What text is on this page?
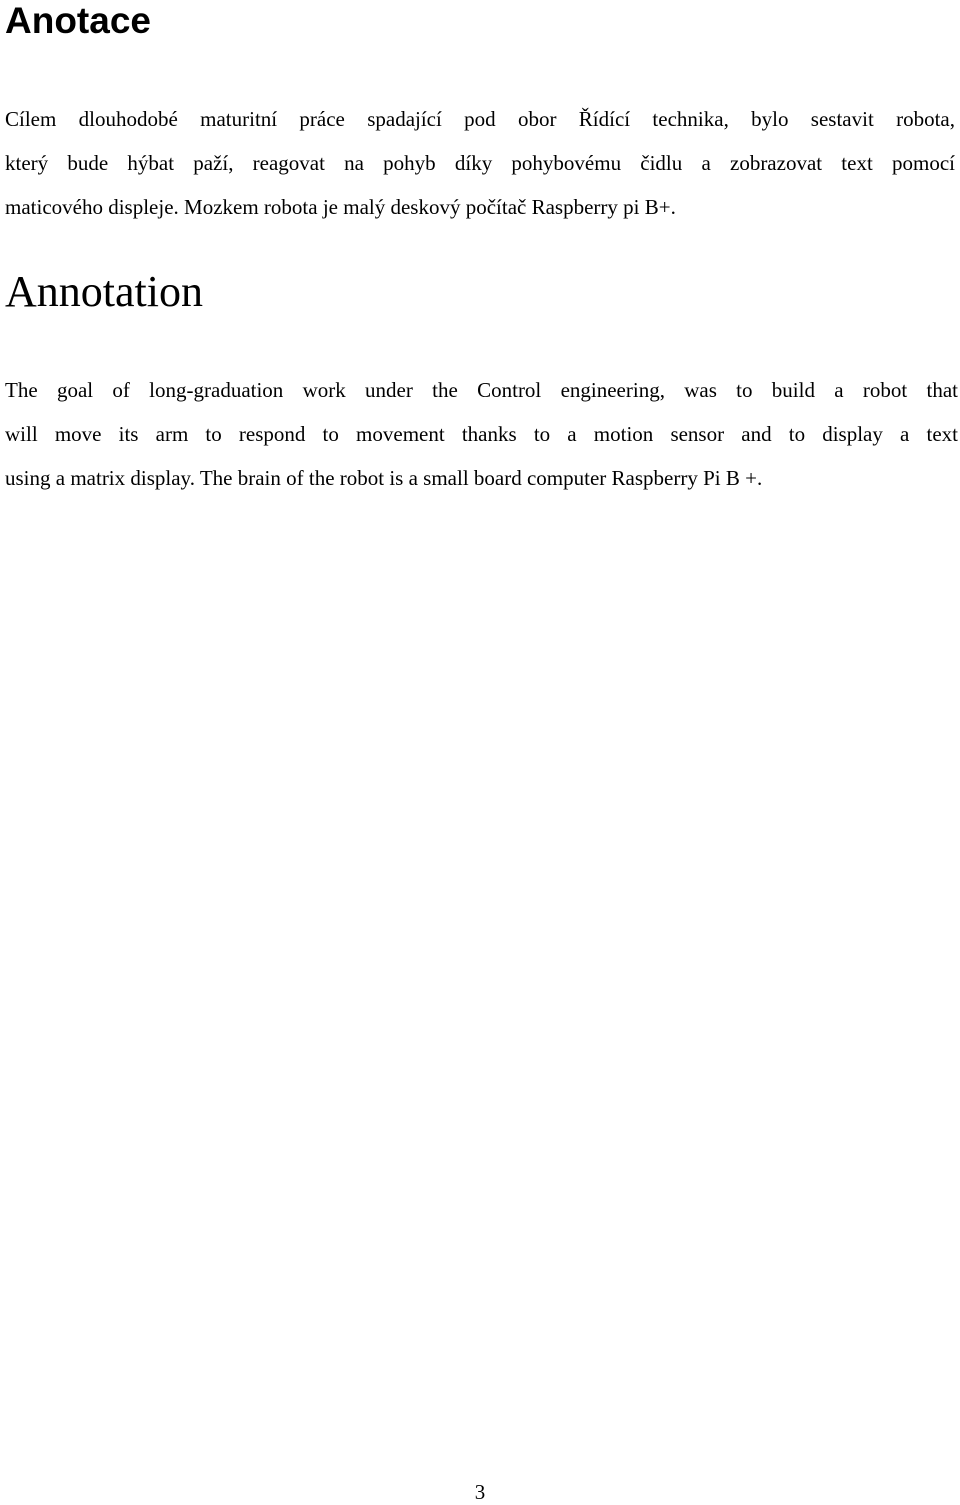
Anotace
Cílem dlouhodobé maturitní práce spadající pod obor Řídící technika, bylo sestavit robota,
který bude hýbat paží, reagovat na pohyb díky pohybovému čidlu a zobrazovat text pomocí
maticového displeje. Mozkem robota je malý deskový počítač Raspberry pi B+.
Annotation
The goal of long-graduation work under the Control engineering, was to build a robot that
will move its arm to respond to movement thanks to a motion sensor and to display a text
using a matrix display. The brain of the robot is a small board computer Raspberry Pi B +.

3
